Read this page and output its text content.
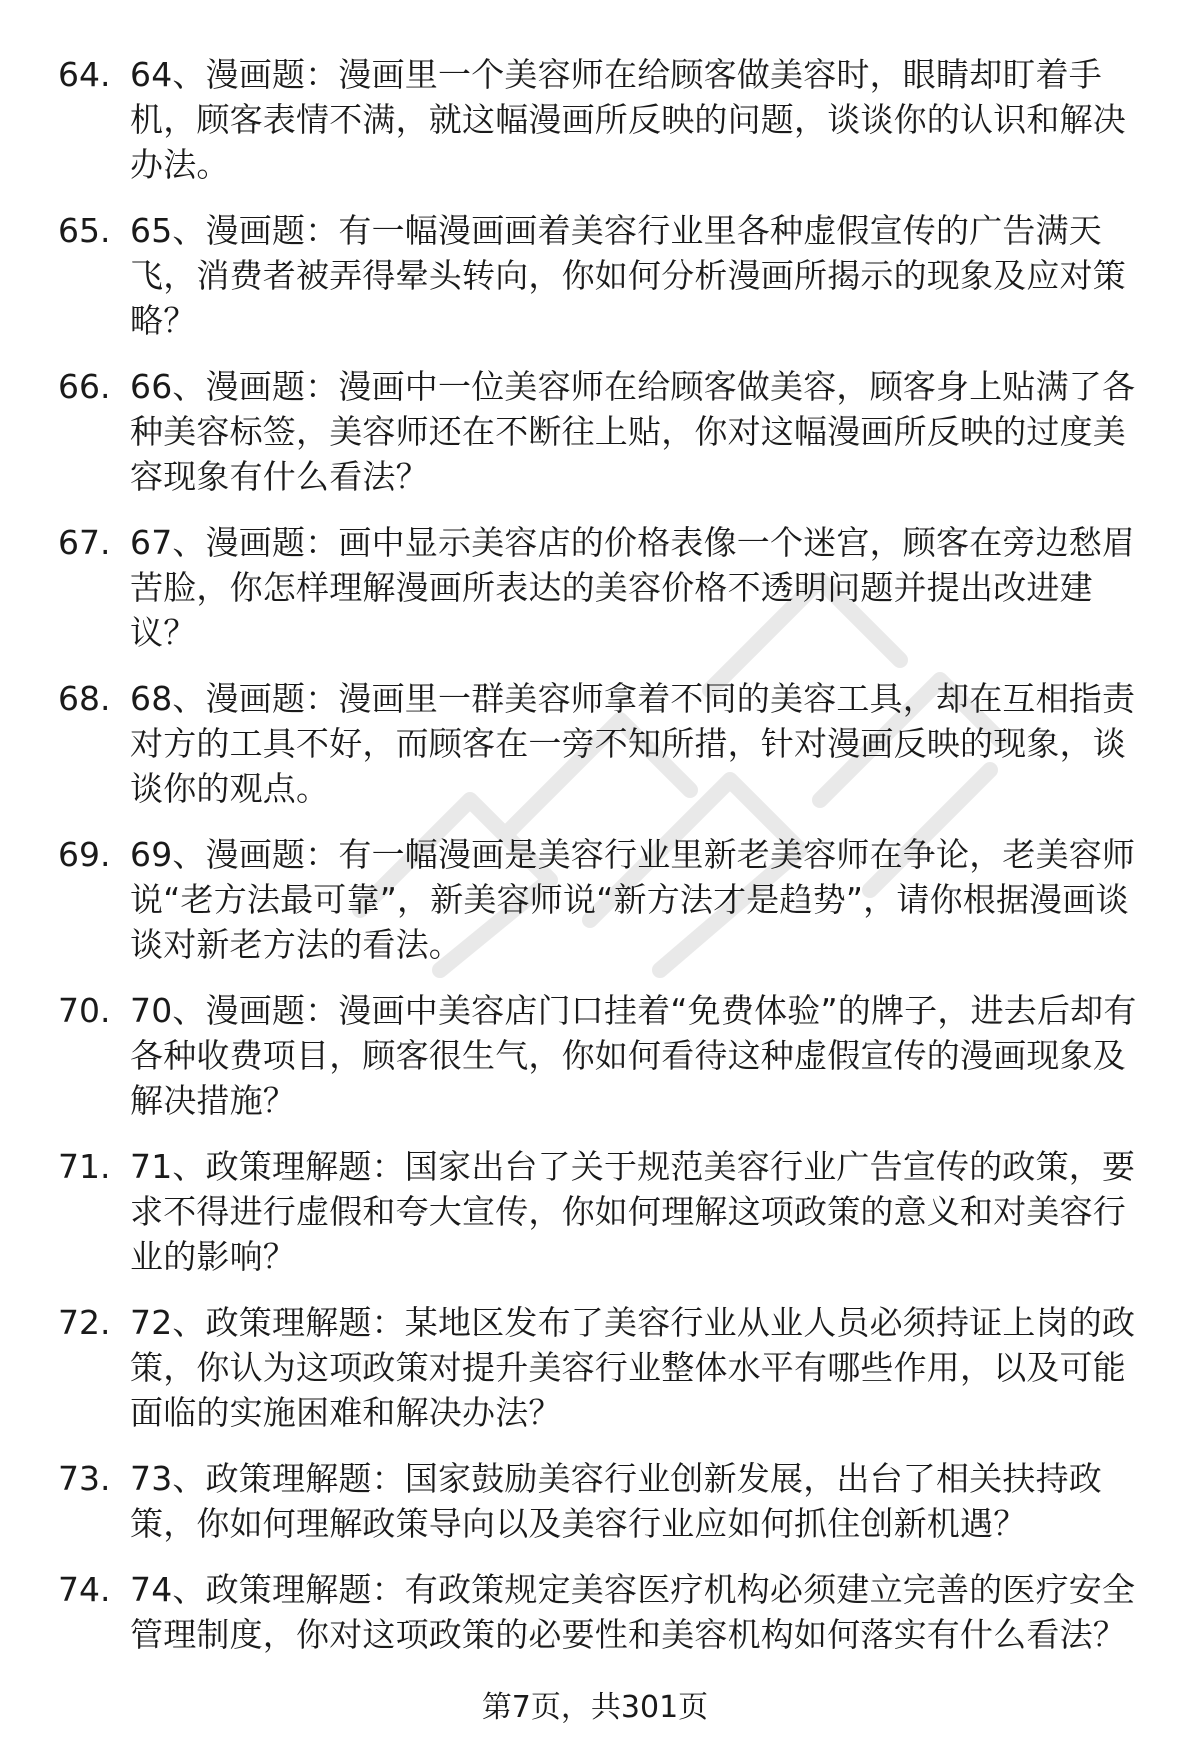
64. 64、漫画题：漫画里一个美容师在给顾客做美容时，眼睛却盯着手机，顾客表情不满，就这幅漫画所反映的问题，谈谈你的认识和解决办法。
65. 65、漫画题：有一幅漫画画着美容行业里各种虚假宣传的广告满天飞，消费者被弄得晕头转向，你如何分析漫画所揭示的现象及应对策略？
66. 66、漫画题：漫画中一位美容师在给顾客做美容，顾客身上贴满了各种美容标签，美容师还在不断往上贴，你对这幅漫画所反映的过度美容现象有什么看法？
67. 67、漫画题：画中显示美容店的价格表像一个迷宫，顾客在旁边愁眉苦脸，你怎样理解漫画所表达的美容价格不透明问题并提出改进建议？
68. 68、漫画题：漫画里一群美容师拿着不同的美容工具，却在互相指责对方的工具不好，而顾客在一旁不知所措，针对漫画反映的现象，谈谈你的观点。
69. 69、漫画题：有一幅漫画是美容行业里新老美容师在争论，老美容师说“老方法最可靠”，新美容师说“新方法才是趋势”，请你根据漫画谈谈对新老方法的看法。
70. 70、漫画题：漫画中美容店门口挂着“免费体验”的牌子，进去后却有各种收费项目，顾客很生气，你如何看待这种虚假宣传的漫画现象及解决措施？
71. 71、政策理解题：国家出台了关于规范美容行业广告宣传的政策，要求不得进行虚假和夸大宣传，你如何理解这项政策的意义和对美容行业的影响？
72. 72、政策理解题：某地区发布了美容行业从业人员必须持证上岗的政策，你认为这项政策对提升美容行业整体水平有哪些作用，以及可能面临的实施困难和解决办法？
73. 73、政策理解题：国家鼓励美容行业创新发展，出台了相关扶持政策，你如何理解政策导向以及美容行业应如何抓住创新机遇？
74. 74、政策理解题：有政策规定美容医疗机构必须建立完善的医疗安全管理制度，你对这项政策的必要性和美容机构如何落实有什么看法？
第7页，共301页
